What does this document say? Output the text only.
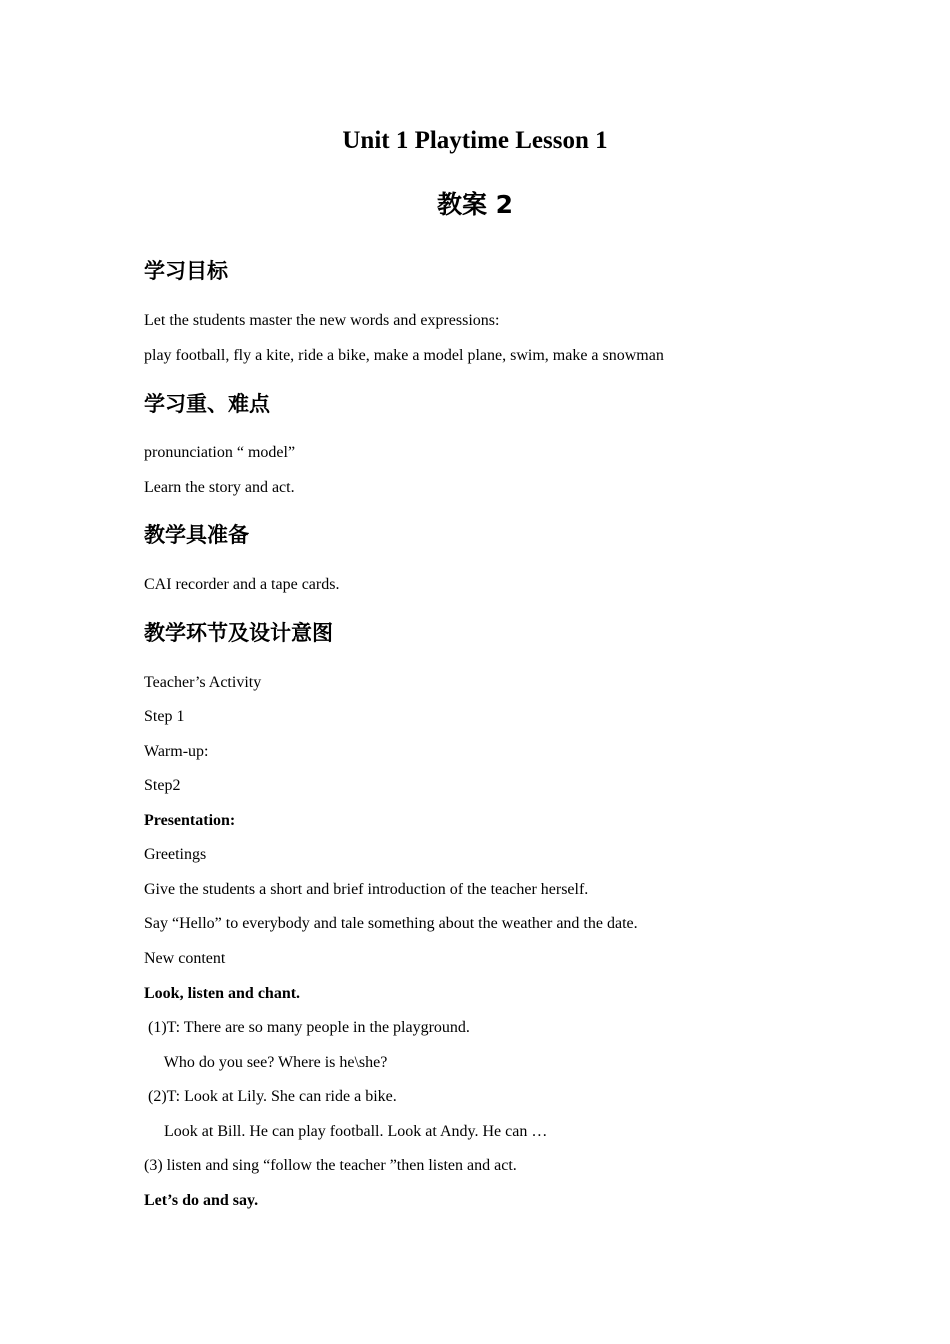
Unit 1 Playtime Lesson 1
教案 2
学习目标

Let the students master the new words and expressions:

play football, fly a kite, ride a bike, make a model plane, swim, make a snowman

学习重、难点

pronunciation “ model”

Learn the story and act.

教学具准备

CAI recorder and a tape cards.

教学环节及设计意图

Teacher’s Activity

Step 1

Warm-up:

Step2

Presentation:

Greetings

Give the students a short and brief introduction of the teacher herself.

Say “Hello” to everybody and tale something about the weather and the date.

New content

Look, listen and chant.

(1)T: There are so many people in the playground.

Who do you see? Where is he\she?

(2)T: Look at Lily. She can ride a bike.

Look at Bill. He can play football. Look at Andy. He can …

(3) listen and sing “follow the teacher ”then listen and act.

Let’s do and say.
